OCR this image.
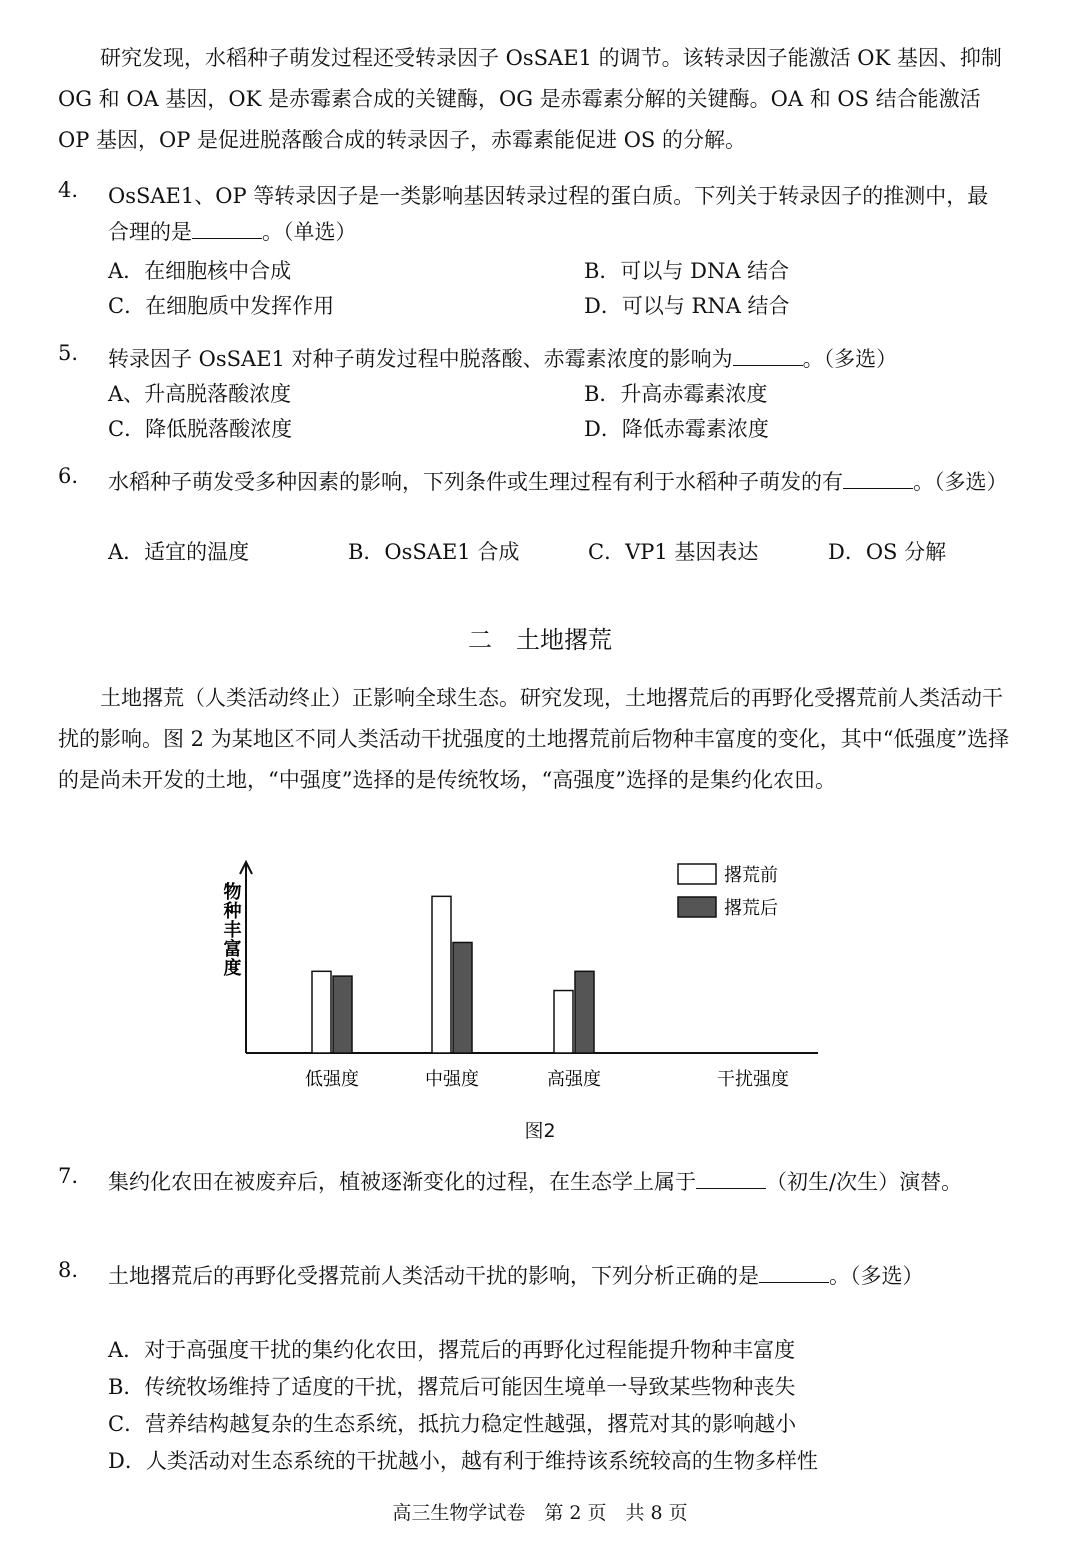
研究发现，水稻种子萌发过程还受转录因子 OsSAE1 的调节。该转录因子能激活 OK 基因、抑制 OG 和 OA 基因，OK 是赤霉素合成的关键酶，OG 是赤霉素分解的关键酶。OA 和 OS 结合能激活 OP 基因，OP 是促进脱落酸合成的转录因子，赤霉素能促进 OS 的分解。

4.	OsSAE1、OP 等转录因子是一类影响基因转录过程的蛋白质。下列关于转录因子的推测中，最合理的是	。（单选）
A．在细胞核中合成	B．可以与 DNA 结合
C．在细胞质中发挥作用	D．可以与 RNA 结合
5.	转录因子 OsSAE1 对种子萌发过程中脱落酸、赤霉素浓度的影响为	。（多选）
A、升高脱落酸浓度	B．升高赤霉素浓度
C．降低脱落酸浓度	D．降低赤霉素浓度
6.	水稻种子萌发受多种因素的影响，下列条件或生理过程有利于水稻种子萌发的有	。（多选）
A．适宜的温度	B．OsSAE1 合成	C．VP1 基因表达	D．OS 分解
二　土地撂荒

土地撂荒（人类活动终止）正影响全球生态。研究发现，土地撂荒后的再野化受撂荒前人类活动干扰的影响。图 2 为某地区不同人类活动干扰强度的土地撂荒前后物种丰富度的变化，其中“低强度”选择的是尚未开发的土地，“中强度”选择的是传统牧场，“高强度”选择的是集约化农田。

物种丰富度
低强度	中强度	高强度	干扰强度
撂荒前
撂荒后
图2
7.	集约化农田在被废弃后，植被逐渐变化的过程，在生态学上属于	（初生/次生）演替。
8.	土地撂荒后的再野化受撂荒前人类活动干扰的影响，下列分析正确的是	。（多选）
A．对于高强度干扰的集约化农田，撂荒后的再野化过程能提升物种丰富度
B．传统牧场维持了适度的干扰，撂荒后可能因生境单一导致某些物种丧失
C．营养结构越复杂的生态系统，抵抗力稳定性越强，撂荒对其的影响越小
D．人类活动对生态系统的干扰越小，越有利于维持该系统较高的生物多样性
高三生物学试卷　第 2 页　共 8 页
